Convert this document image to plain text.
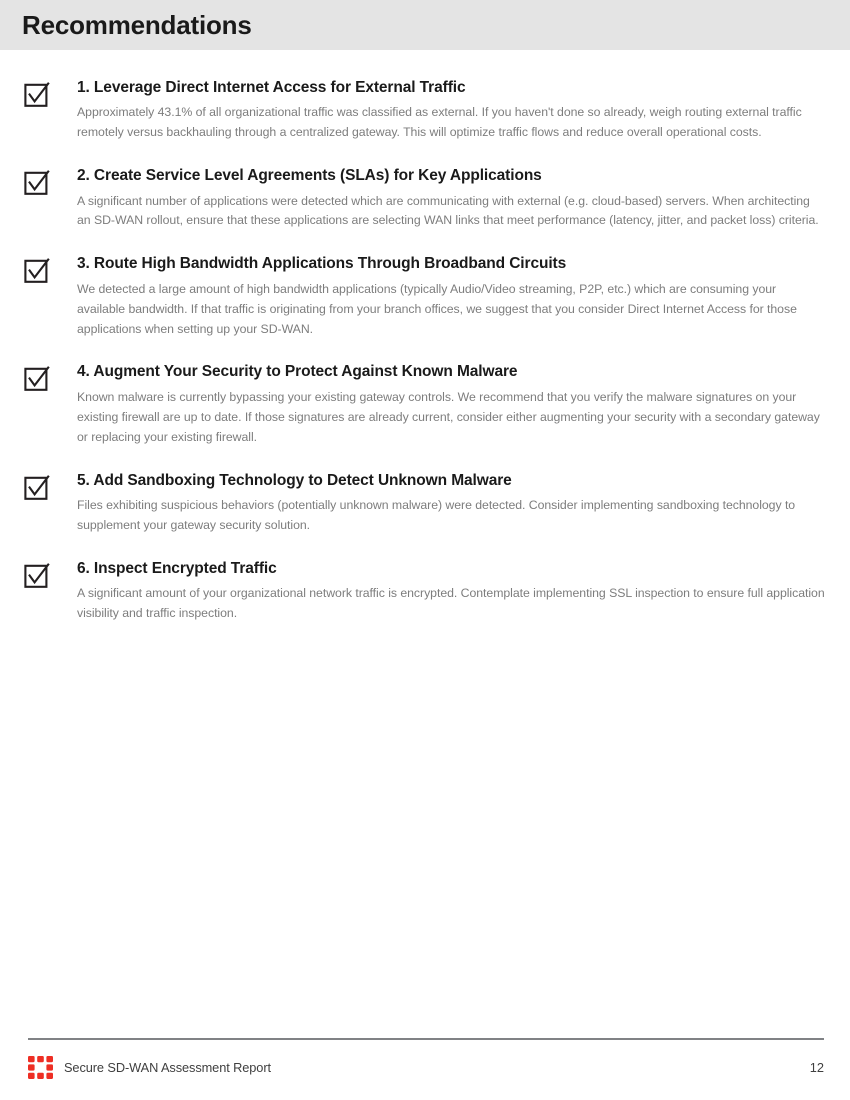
Recommendations
1. Leverage Direct Internet Access for External Traffic

Approximately 43.1% of all organizational traffic was classified as external. If you haven't done so already, weigh routing external traffic remotely versus backhauling through a centralized gateway. This will optimize traffic flows and reduce overall operational costs.

2. Create Service Level Agreements (SLAs) for Key Applications

A significant number of applications were detected which are communicating with external (e.g. cloud-based) servers. When architecting an SD-WAN rollout, ensure that these applications are selecting WAN links that meet performance (latency, jitter, and packet loss) criteria.

3. Route High Bandwidth Applications Through Broadband Circuits

We detected a large amount of high bandwidth applications (typically Audio/Video streaming, P2P, etc.) which are consuming your available bandwidth. If that traffic is originating from your branch offices, we suggest that you consider Direct Internet Access for those applications when setting up your SD-WAN.

4. Augment Your Security to Protect Against Known Malware

Known malware is currently bypassing your existing gateway controls. We recommend that you verify the malware signatures on your existing firewall are up to date. If those signatures are already current, consider either augmenting your security with a secondary gateway or replacing your existing firewall.

5. Add Sandboxing Technology to Detect Unknown Malware

Files exhibiting suspicious behaviors (potentially unknown malware) were detected. Consider implementing sandboxing technology to supplement your gateway security solution.

6. Inspect Encrypted Traffic

A significant amount of your organizational network traffic is encrypted. Contemplate implementing SSL inspection to ensure full application visibility and traffic inspection.

Secure SD-WAN Assessment Report	12
